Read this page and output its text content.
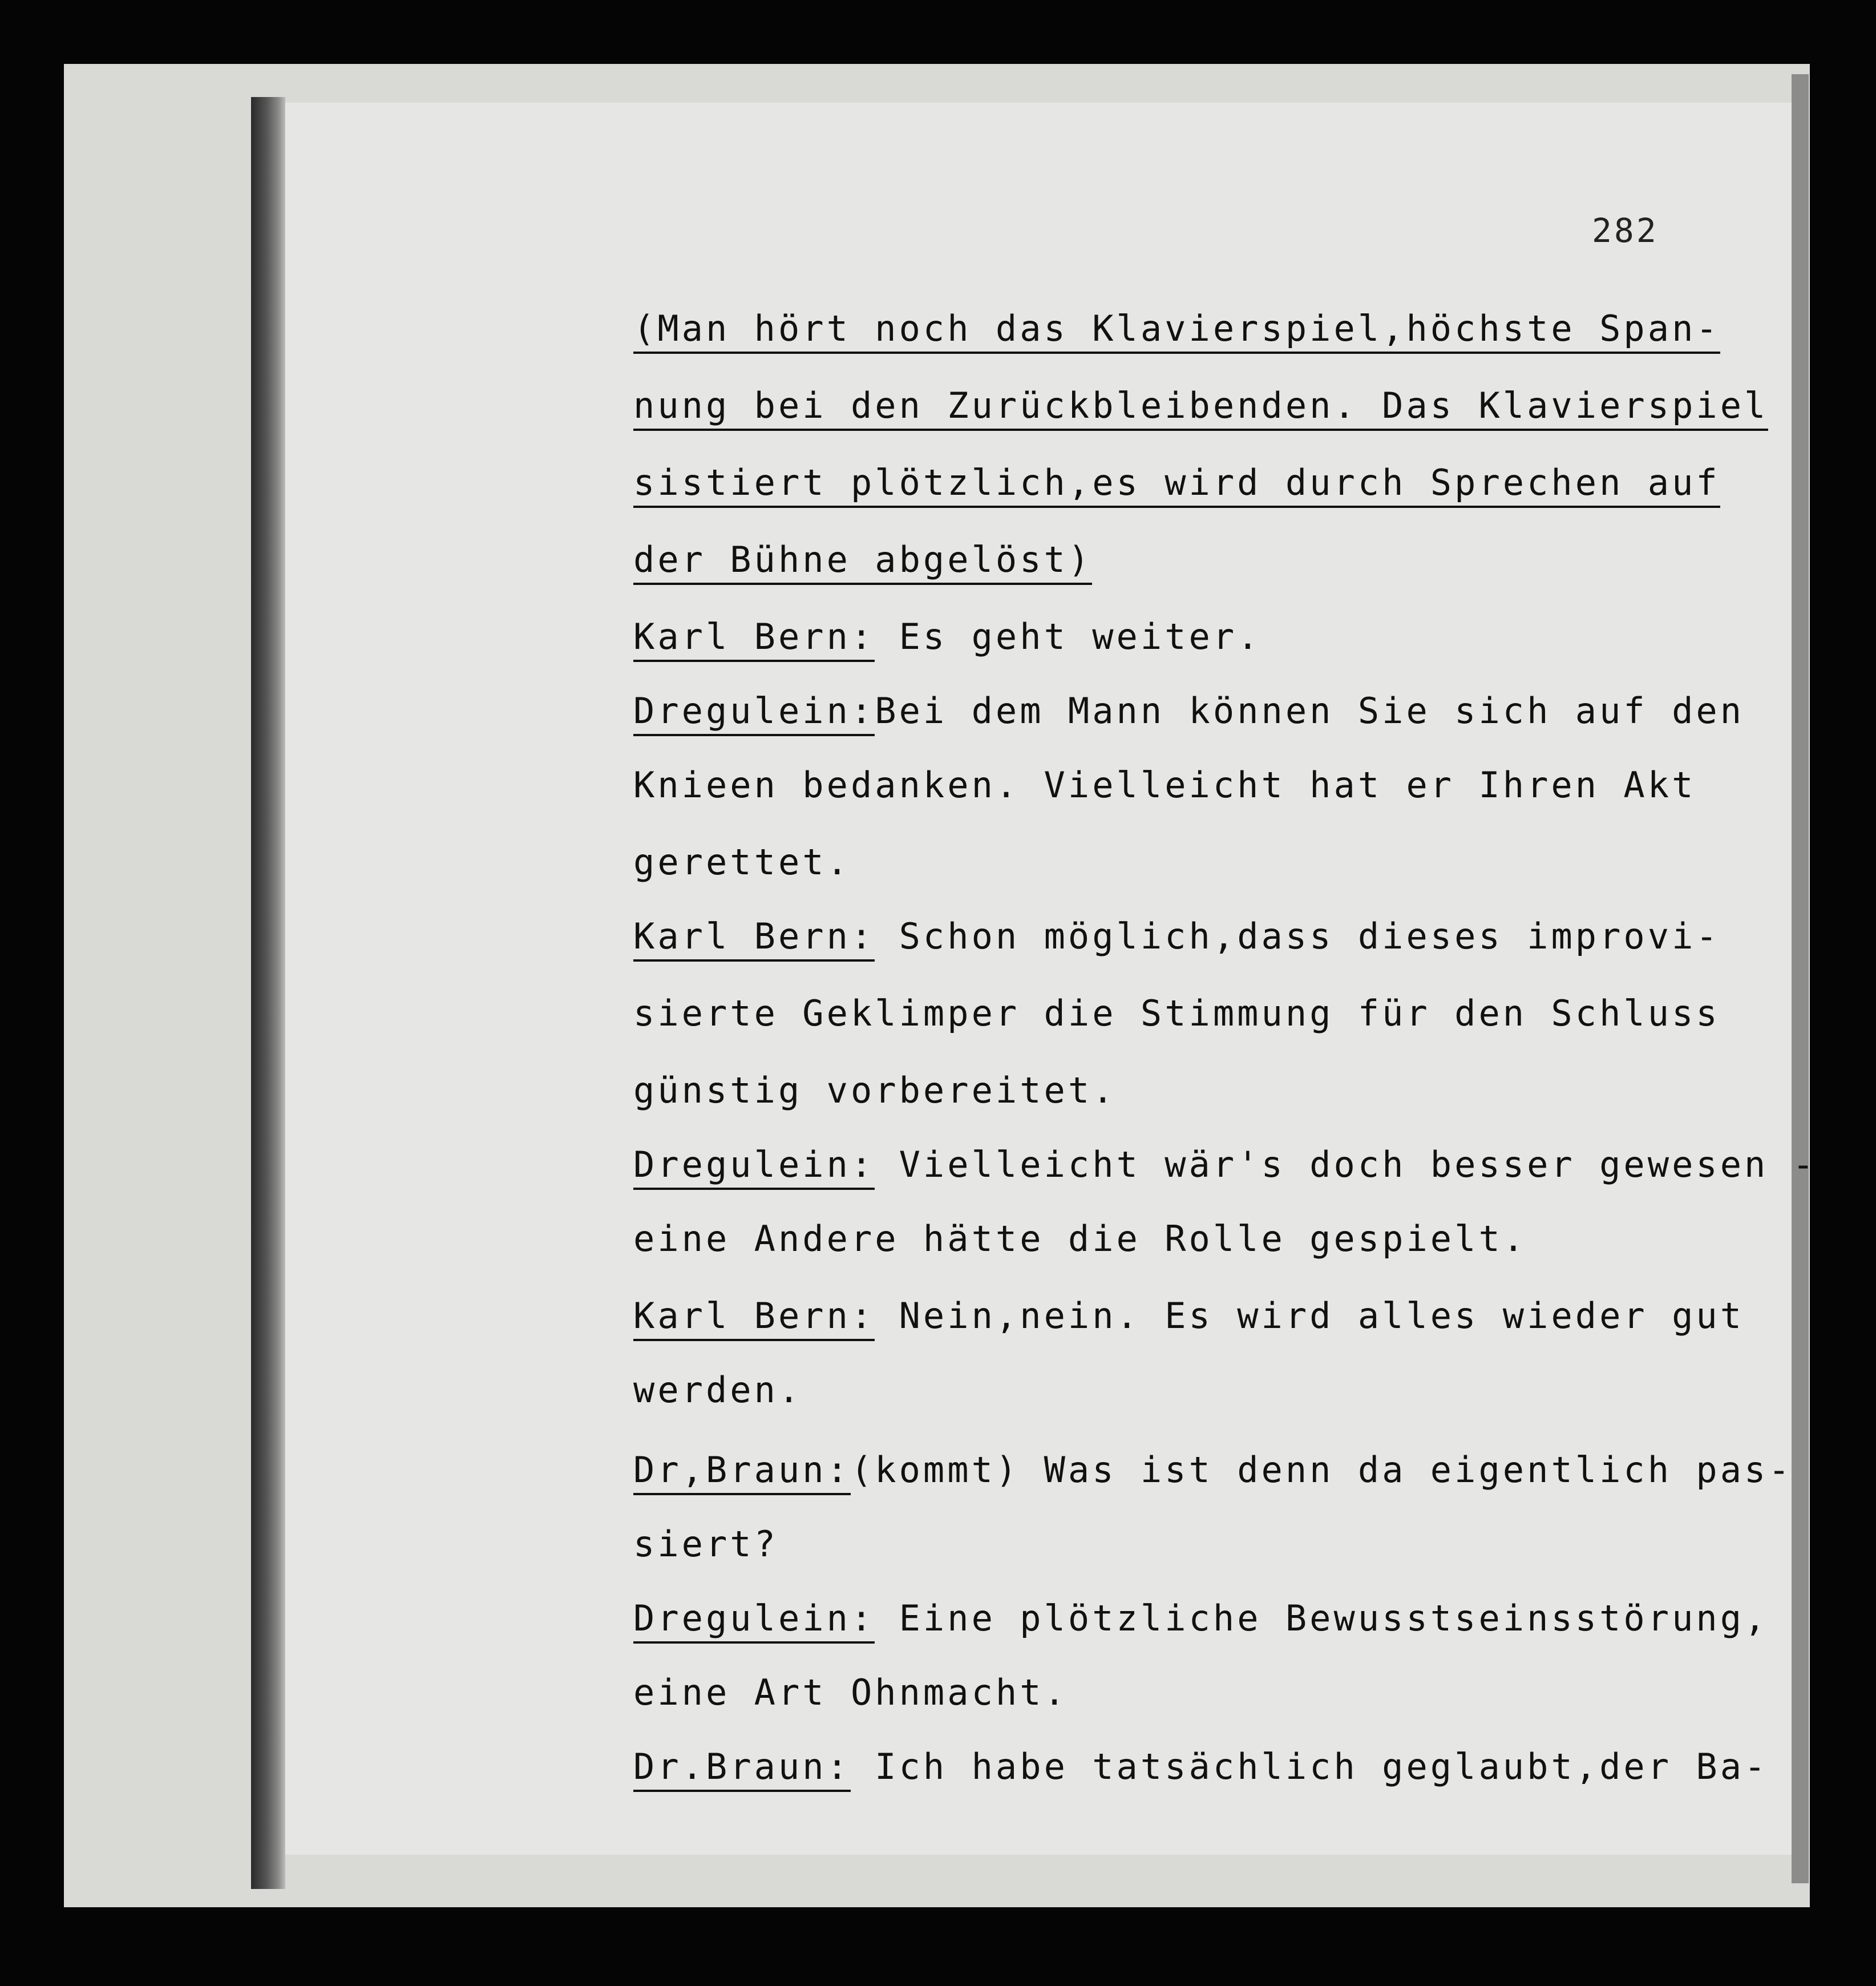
282
(Man hört noch das Klavierspiel,höchste Span-
nung bei den Zurückbleibenden. Das Klavierspiel
sistiert plötzlich,es wird durch Sprechen auf
der Bühne abgelöst)
Karl Bern: Es geht weiter.
Dregulein:Bei dem Mann können Sie sich auf den
Knieen bedanken. Vielleicht hat er Ihren Akt
gerettet.
Karl Bern: Schon möglich,dass dieses improvi-
sierte Geklimper die Stimmung für den Schluss
günstig vorbereitet.
Dregulein: Vielleicht wär's doch besser gewesen -
eine Andere hätte die Rolle gespielt.
Karl Bern: Nein,nein. Es wird alles wieder gut
werden.
Dr,Braun:(kommt) Was ist denn da eigentlich pas-
siert?
Dregulein: Eine plötzliche Bewusstseinsstörung,
eine Art Ohnmacht.
Dr.Braun: Ich habe tatsächlich geglaubt,der Ba-
